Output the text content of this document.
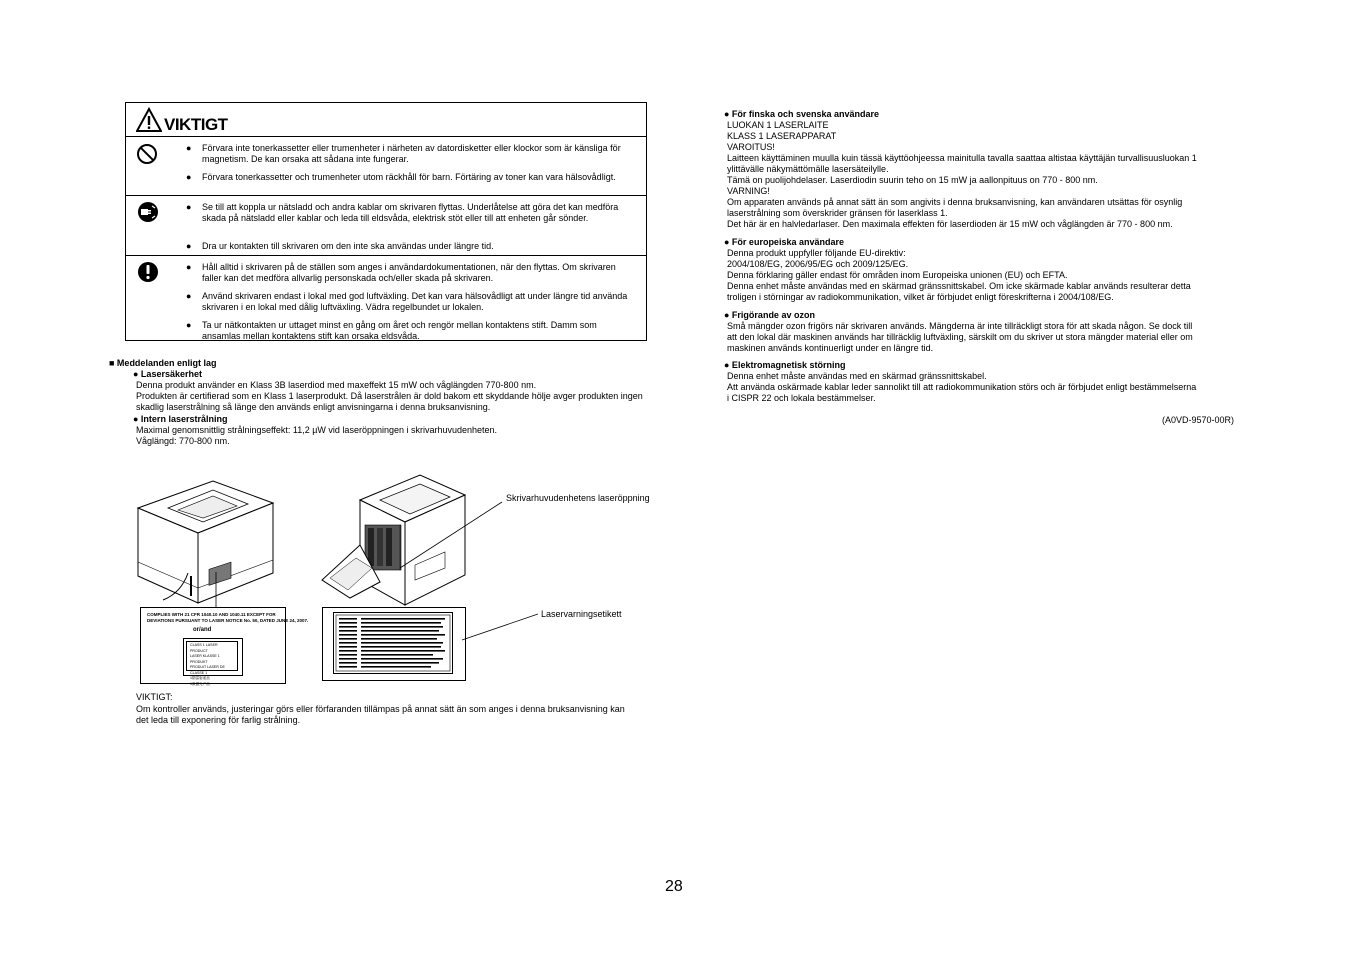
VIKTIGT
● Förvara inte tonerkassetter eller trumenheter i närheten av datordisketter eller klockor som är känsliga för magnetism. De kan orsaka att sådana inte fungerar.
● Förvara tonerkassetter och trumenheter utom räckhåll för barn. Förtäring av toner kan vara hälsovådligt.
● Se till att koppla ur nätsladd och andra kablar om skrivaren flyttas. Underlåtelse att göra det kan medföra skada på nätsladd eller kablar och leda till eldsvåda, elektrisk stöt eller till att enheten går sönder.
● Dra ur kontakten till skrivaren om den inte ska användas under längre tid.
● Håll alltid i skrivaren på de ställen som anges i användardokumentationen, när den flyttas. Om skrivaren faller kan det medföra allvarlig personskada och/eller skada på skrivaren.
● Använd skrivaren endast i lokal med god luftväxling. Det kan vara hälsovådligt att under längre tid använda skrivaren i en lokal med dålig luftväxling. Vädra regelbundet ur lokalen.
● Ta ur nätkontakten ur uttaget minst en gång om året och rengör mellan kontaktens stift. Damm som ansamlas mellan kontaktens stift kan orsaka eldsvåda.
■ Meddelanden enligt lag
● Lasersäkerhet
Denna produkt använder en Klass 3B laserdiod med maxeffekt 15 mW och våglängden 770-800 nm.
Produkten är certifierad som en Klass 1 laserprodukt. Då laserstrålen är dold bakom ett skyddande hölje avger produkten ingen
skadlig laserstrålning så länge den används enligt anvisningarna i denna bruksanvisning.
● Intern laserstrålning
Maximal genomsnittlig strålningseffekt: 11,2 µW vid laseröppningen i skrivarhuvudenheten.
Våglängd: 770-800 nm.
COMPLIES WITH 21 CFR 1040.10 AND 1040.11 EXCEPT FOR
DEVIATIONS PURSUANT TO LASER NOTICE No. 50, DATED JUNE 24, 2007.
or/and
CLASS 1 LASER PRODUCT
LASER KLASSE 1 PRODUKT
PRODUIT LASER DE CLASSE 1
1類雷射產品
1級激光产品
Skrivarhuvudenhetens laseröppning
Laservarningsetikett
VIKTIGT:
Om kontroller används, justeringar görs eller förfaranden tillämpas på annat sätt än som anges i denna bruksanvisning kan
det leda till exponering för farlig strålning.
● För finska och svenska användare
LUOKAN 1 LASERLAITE
KLASS 1 LASERAPPARAT
VAROITUS!
Laitteen käyttäminen muulla kuin tässä käyttöohjeessa mainitulla tavalla saattaa altistaa käyttäjän turvallisuusluokan 1
ylittävälle näkymättömälle lasersäteilylle.
Tämä on puolijohdelaser. Laserdiodin suurin teho on 15 mW ja aallonpituus on 770 - 800 nm.
VARNING!
Om apparaten används på annat sätt än som angivits i denna bruksanvisning, kan användaren utsättas för osynlig
laserstrålning som överskrider gränsen för laserklass 1.
Det här är en halvledarlaser. Den maximala effekten för laserdioden är 15 mW och våglängden är 770 - 800 nm.
● För europeiska användare
Denna produkt uppfyller följande EU-direktiv:
2004/108/EG, 2006/95/EG och 2009/125/EG.
Denna förklaring gäller endast för områden inom Europeiska unionen (EU) och EFTA.
Denna enhet måste användas med en skärmad gränssnittskabel. Om icke skärmade kablar används resulterar detta
troligen i störningar av radiokommunikation, vilket är förbjudet enligt föreskrifterna i 2004/108/EG.
● Frigörande av ozon
Små mängder ozon frigörs när skrivaren används. Mängderna är inte tillräckligt stora för att skada någon. Se dock till
att den lokal där maskinen används har tillräcklig luftväxling, särskilt om du skriver ut stora mängder material eller om
maskinen används kontinuerligt under en längre tid.
● Elektromagnetisk störning
Denna enhet måste användas med en skärmad gränssnittskabel.
Att använda oskärmade kablar leder sannolikt till att radiokommunikation störs och är förbjudet enligt bestämmelserna
i CISPR 22 och lokala bestämmelser.
(A0VD-9570-00R)
28
